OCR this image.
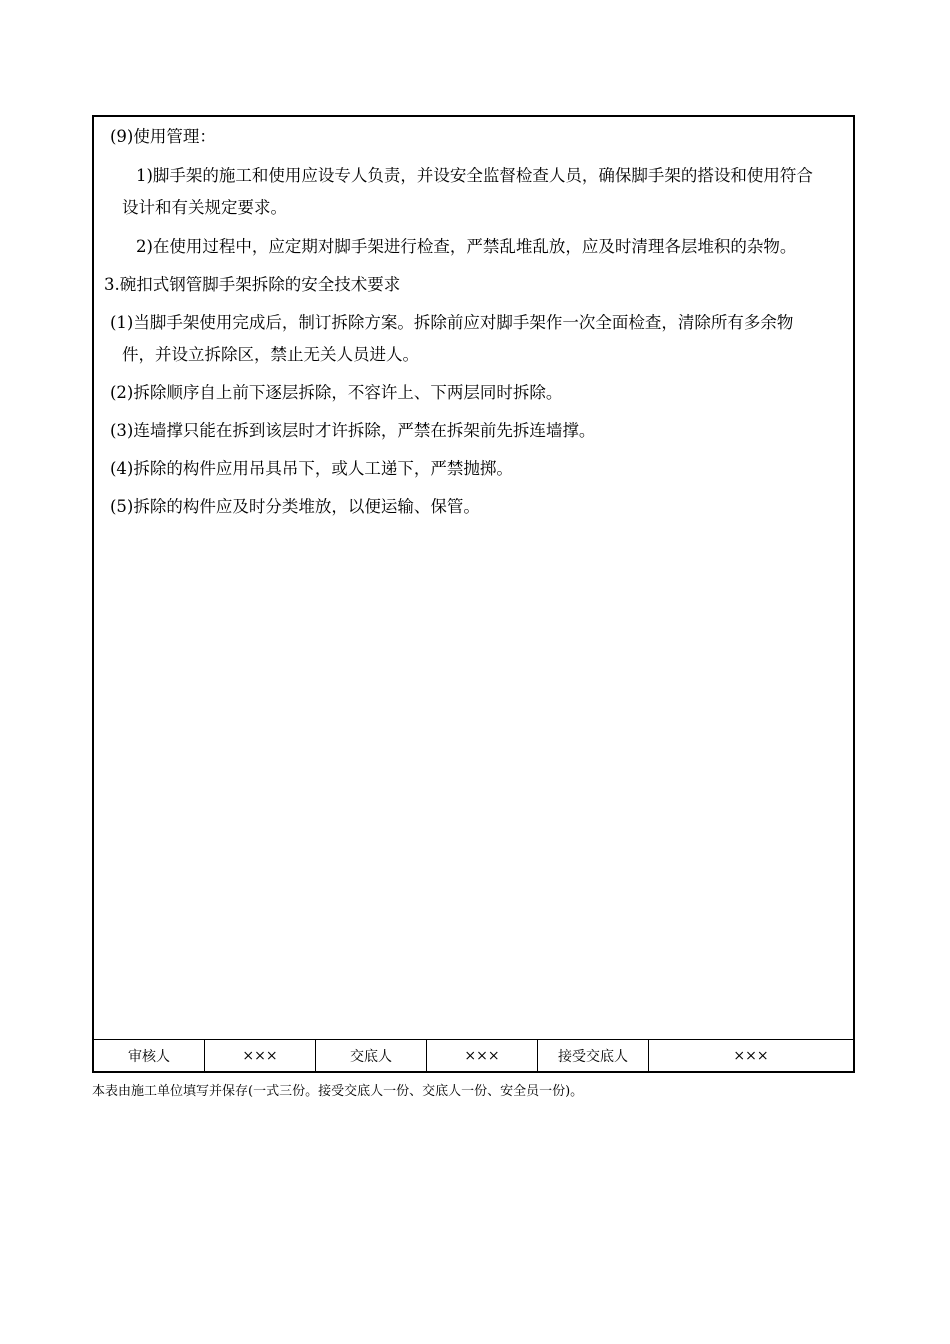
(9)使用管理：
1)脚手架的施工和使用应设专人负责，并设安全监督检查人员，确保脚手架的搭设和使用符合
设计和有关规定要求。
2)在使用过程中，应定期对脚手架进行检查，严禁乱堆乱放，应及时清理各层堆积的杂物。
3.碗扣式钢管脚手架拆除的安全技术要求
(1)当脚手架使用完成后，制订拆除方案。拆除前应对脚手架作一次全面检查，清除所有多余物
件，并设立拆除区，禁止无关人员进人。
(2)拆除顺序自上前下逐层拆除，不容许上、下两层同时拆除。
(3)连墙撑只能在拆到该层时才许拆除，严禁在拆架前先拆连墙撑。
(4)拆除的构件应用吊具吊下，或人工递下，严禁抛掷。
(5)拆除的构件应及时分类堆放，以便运输、保管。
审核人	×××	交底人	×××	接受交底人	×××
本表由施工单位填写并保存(一式三份。接受交底人一份、交底人一份、安全员一份)。
